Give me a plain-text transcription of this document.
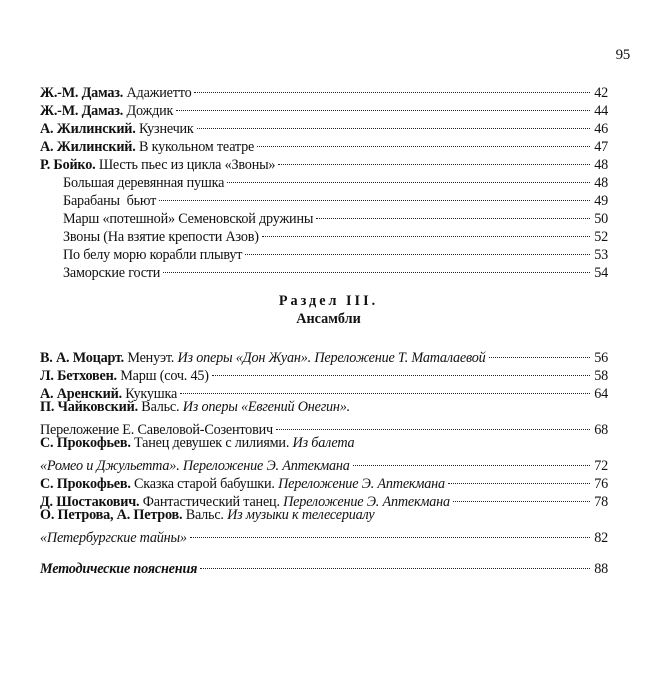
95
Ж.-М. Дамаз. Адажиетто	42
Ж.-М. Дамаз. Дождик	44
А. Жилинский. Кузнечик	46
А. Жилинский. В кукольном театре	47
Р. Бойко. Шесть пьес из цикла «Звоны»	48
Большая деревянная пушка	48
Барабаны  бьют	49
Марш «потешной» Семеновской дружины	50
Звоны (На взятие крепости Азов)	52
По белу морю корабли плывут	53
Заморские гости	54
Раздел III.
Ансамбли
В. А. Моцарт. Менуэт. Из оперы «Дон Жуан». Переложение Т. Маталаевой	56
Л. Бетховен. Марш (соч. 45)	58
А. Аренский. Кукушка	64
П. Чайковский. Вальс. Из оперы «Евгений Онегин».
Переложение Е. Савеловой-Созентович	68
С. Прокофьев. Танец девушек с лилиями. Из балета
«Ромео и Джульетта». Переложение Э. Аптекмана	72
С. Прокофьев. Сказка старой бабушки. Переложение Э. Аптекмана	76
Д. Шостакович. Фантастический танец. Переложение Э. Аптекмана	78
О. Петрова, А. Петров. Вальс. Из музыки к телесериалу
«Петербургские тайны»	82
Методические пояснения	88
